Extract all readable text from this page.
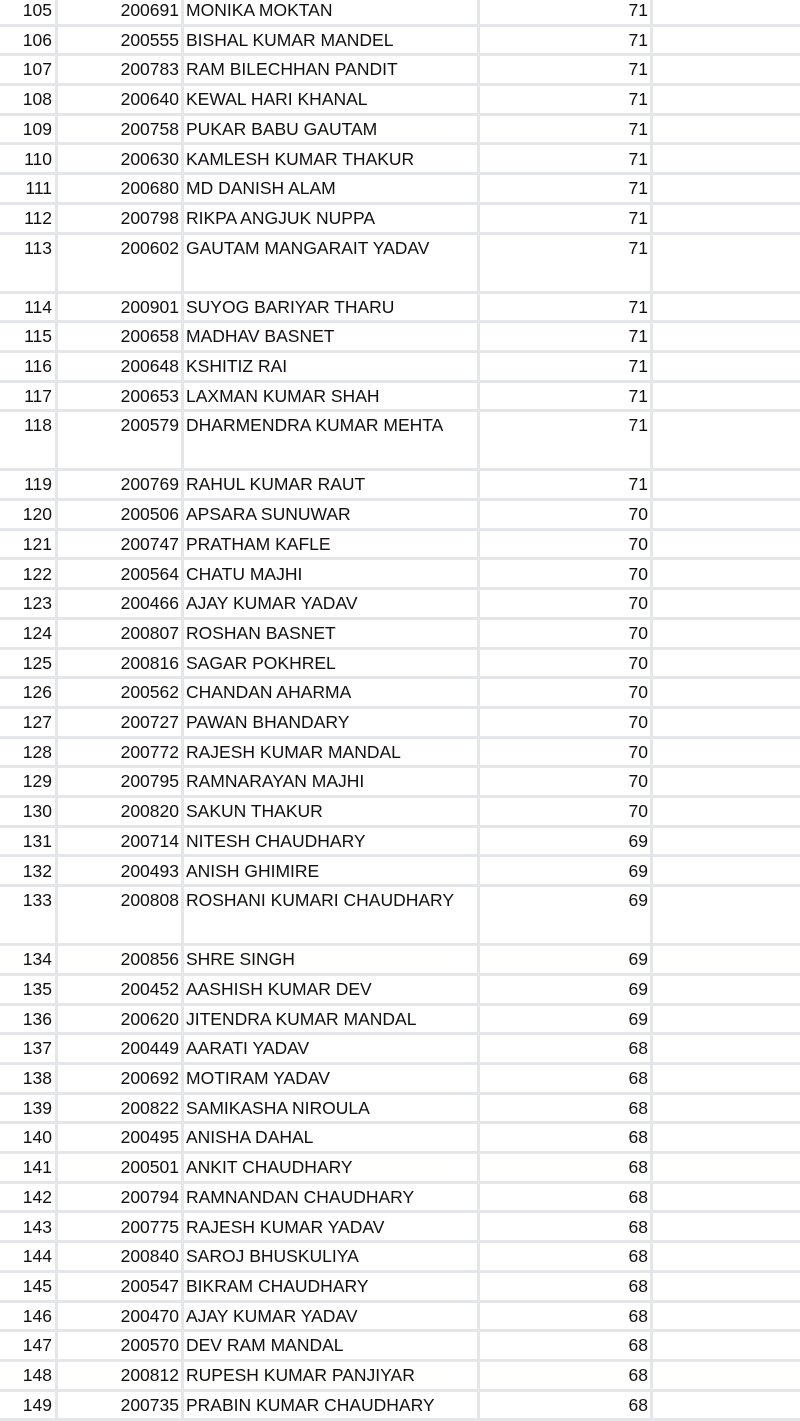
105	200691 MONIKA MOKTAN	71
106	200555 BISHAL KUMAR MANDEL	71
107	200783 RAM BILECHHAN PANDIT	71
108	200640 KEWAL HARI KHANAL	71
109	200758 PUKAR BABU GAUTAM	71
110	200630 KAMLESH KUMAR THAKUR	71
111	200680 MD DANISH ALAM	71
112	200798 RIKPA ANGJUK NUPPA	71
113	200602 GAUTAM MANGARAIT YADAV	71
114	200901 SUYOG BARIYAR THARU	71
115	200658 MADHAV BASNET	71
116	200648 KSHITIZ RAI	71
117	200653 LAXMAN KUMAR SHAH	71
118	200579 DHARMENDRA KUMAR MEHTA	71
119	200769 RAHUL KUMAR RAUT	71
120	200506 APSARA SUNUWAR	70
121	200747 PRATHAM KAFLE	70
122	200564 CHATU MAJHI	70
123	200466 AJAY KUMAR YADAV	70
124	200807 ROSHAN BASNET	70
125	200816 SAGAR POKHREL	70
126	200562 CHANDAN AHARMA	70
127	200727 PAWAN BHANDARY	70
128	200772 RAJESH KUMAR MANDAL	70
129	200795 RAMNARAYAN MAJHI	70
130	200820 SAKUN THAKUR	70
131	200714 NITESH CHAUDHARY	69
132	200493 ANISH GHIMIRE	69
133	200808 ROSHANI KUMARI CHAUDHARY	69
134	200856 SHRE SINGH	69
135	200452 AASHISH KUMAR DEV	69
136	200620 JITENDRA KUMAR MANDAL	69
137	200449 AARATI YADAV	68
138	200692 MOTIRAM YADAV	68
139	200822 SAMIKASHA NIROULA	68
140	200495 ANISHA DAHAL	68
141	200501 ANKIT CHAUDHARY	68
142	200794 RAMNANDAN CHAUDHARY	68
143	200775 RAJESH KUMAR YADAV	68
144	200840 SAROJ BHUSKULIYA	68
145	200547 BIKRAM CHAUDHARY	68
146	200470 AJAY KUMAR YADAV	68
147	200570 DEV RAM MANDAL	68
148	200812 RUPESH KUMAR PANJIYAR	68
149	200735 PRABIN KUMAR CHAUDHARY	68
